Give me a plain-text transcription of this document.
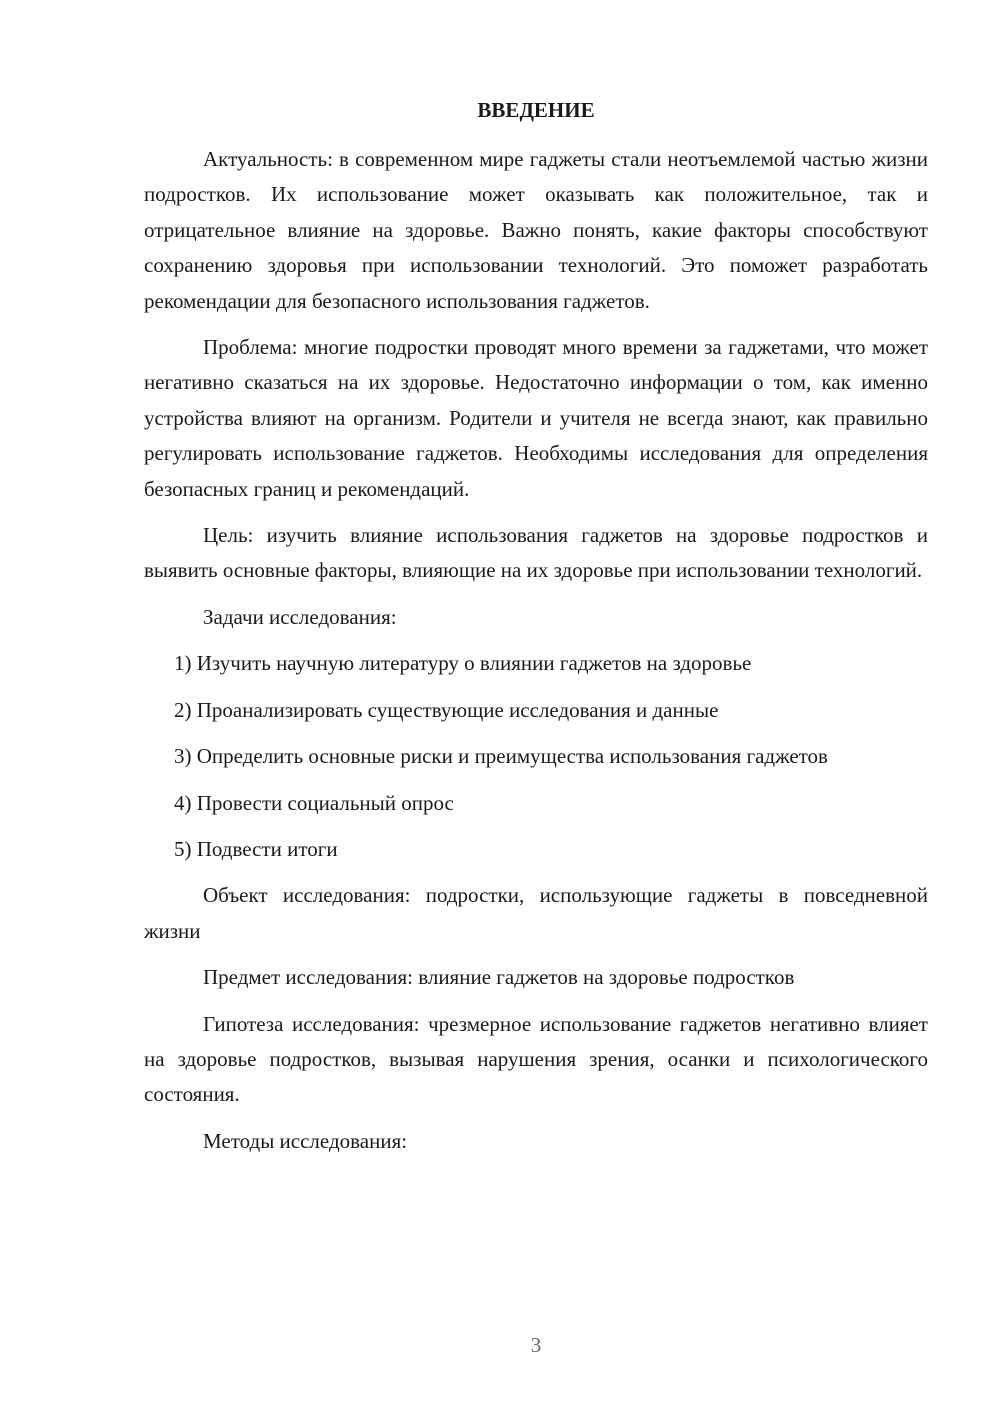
ВВЕДЕНИЕ

Актуальность: в современном мире гаджеты стали неотъемлемой частью жизни подростков. Их использование может оказывать как положительное, так и отрицательное влияние на здоровье. Важно понять, какие факторы способствуют сохранению здоровья при использовании технологий. Это поможет разработать рекомендации для безопасного использования гаджетов.

Проблема: многие подростки проводят много времени за гаджетами, что может негативно сказаться на их здоровье. Недостаточно информации о том, как именно устройства влияют на организм. Родители и учителя не всегда знают, как правильно регулировать использование гаджетов. Необходимы исследования для определения безопасных границ и рекомендаций.

Цель: изучить влияние использования гаджетов на здоровье подростков и выявить основные факторы, влияющие на их здоровье при использовании технологий.

Задачи исследования:

1) Изучить научную литературу о влиянии гаджетов на здоровье

2) Проанализировать существующие исследования и данные

3) Определить основные риски и преимущества использования гаджетов

4) Провести социальный опрос

5) Подвести итоги

Объект исследования: подростки, использующие гаджеты в повседневной жизни

Предмет исследования: влияние гаджетов на здоровье подростков

Гипотеза исследования: чрезмерное использование гаджетов негативно влияет на здоровье подростков, вызывая нарушения зрения, осанки и психологического состояния.

Методы исследования:

3
